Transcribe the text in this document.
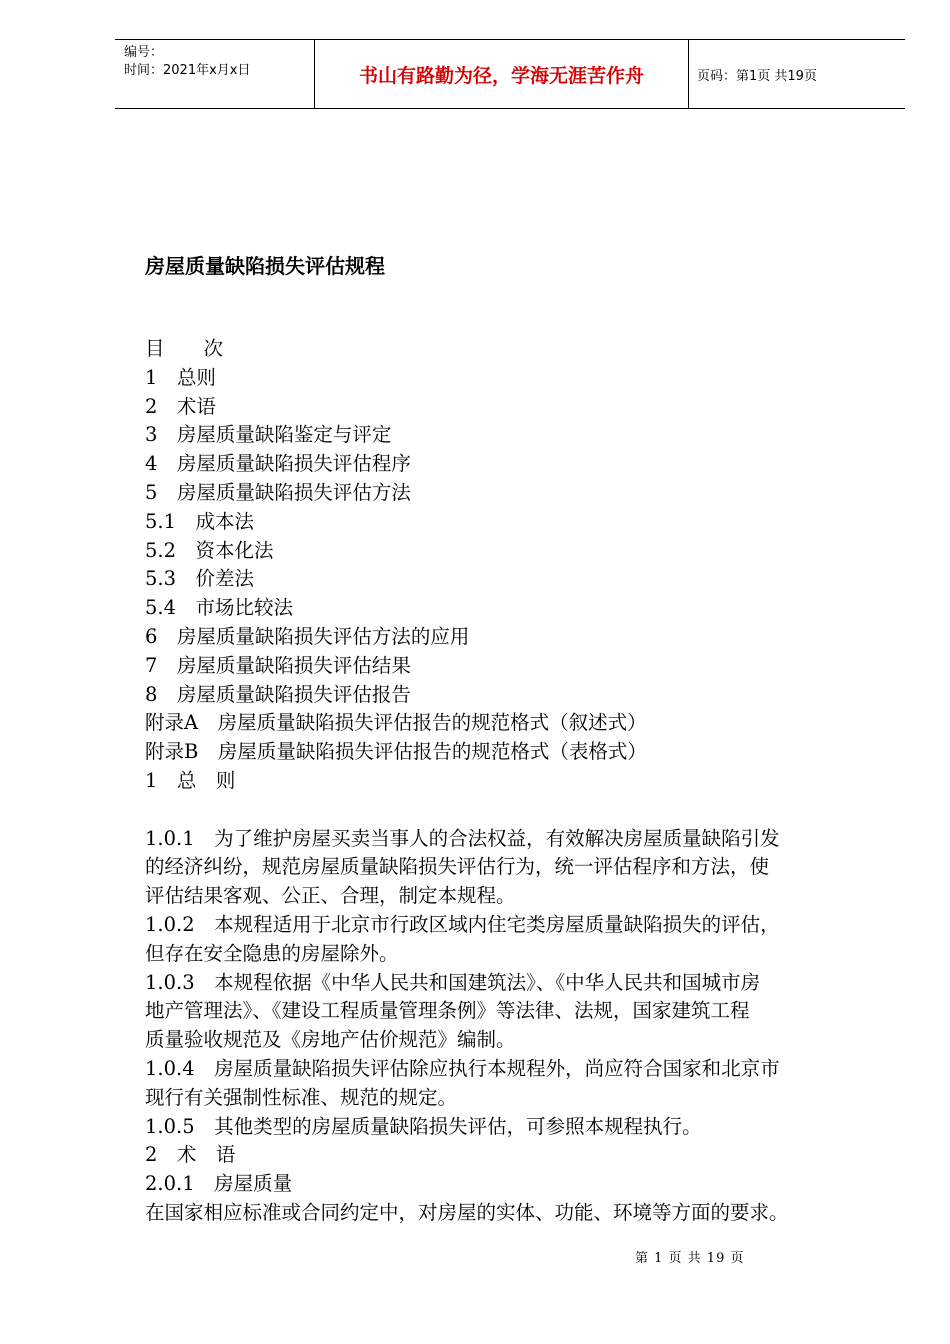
编号：
时间：2021年x月x日	书山有路勤为径，学海无涯苦作舟	页码：第1页 共19页
房屋质量缺陷损失评估规程
目　　次
1　总则
2　术语
3　房屋质量缺陷鉴定与评定
4　房屋质量缺陷损失评估程序
5　房屋质量缺陷损失评估方法
5.1　成本法
5.2　资本化法
5.3　价差法
5.4　市场比较法
6　房屋质量缺陷损失评估方法的应用
7　房屋质量缺陷损失评估结果
8　房屋质量缺陷损失评估报告
附录A　房屋质量缺陷损失评估报告的规范格式（叙述式）
附录B　房屋质量缺陷损失评估报告的规范格式（表格式）
1　总　则
1.0.1　为了维护房屋买卖当事人的合法权益，有效解决房屋质量缺陷引发
的经济纠纷，规范房屋质量缺陷损失评估行为，统一评估程序和方法，使
评估结果客观、公正、合理，制定本规程。
1.0.2　本规程适用于北京市行政区域内住宅类房屋质量缺陷损失的评估，
但存在安全隐患的房屋除外。
1.0.3　本规程依据《中华人民共和国建筑法》、《中华人民共和国城市房
地产管理法》、《建设工程质量管理条例》等法律、法规，国家建筑工程
质量验收规范及《房地产估价规范》编制。
1.0.4　房屋质量缺陷损失评估除应执行本规程外，尚应符合国家和北京市
现行有关强制性标准、规范的规定。
1.0.5　其他类型的房屋质量缺陷损失评估，可参照本规程执行。
2　术　语
2.0.1　房屋质量
在国家相应标准或合同约定中，对房屋的实体、功能、环境等方面的要求。
第 1 页 共 19 页
